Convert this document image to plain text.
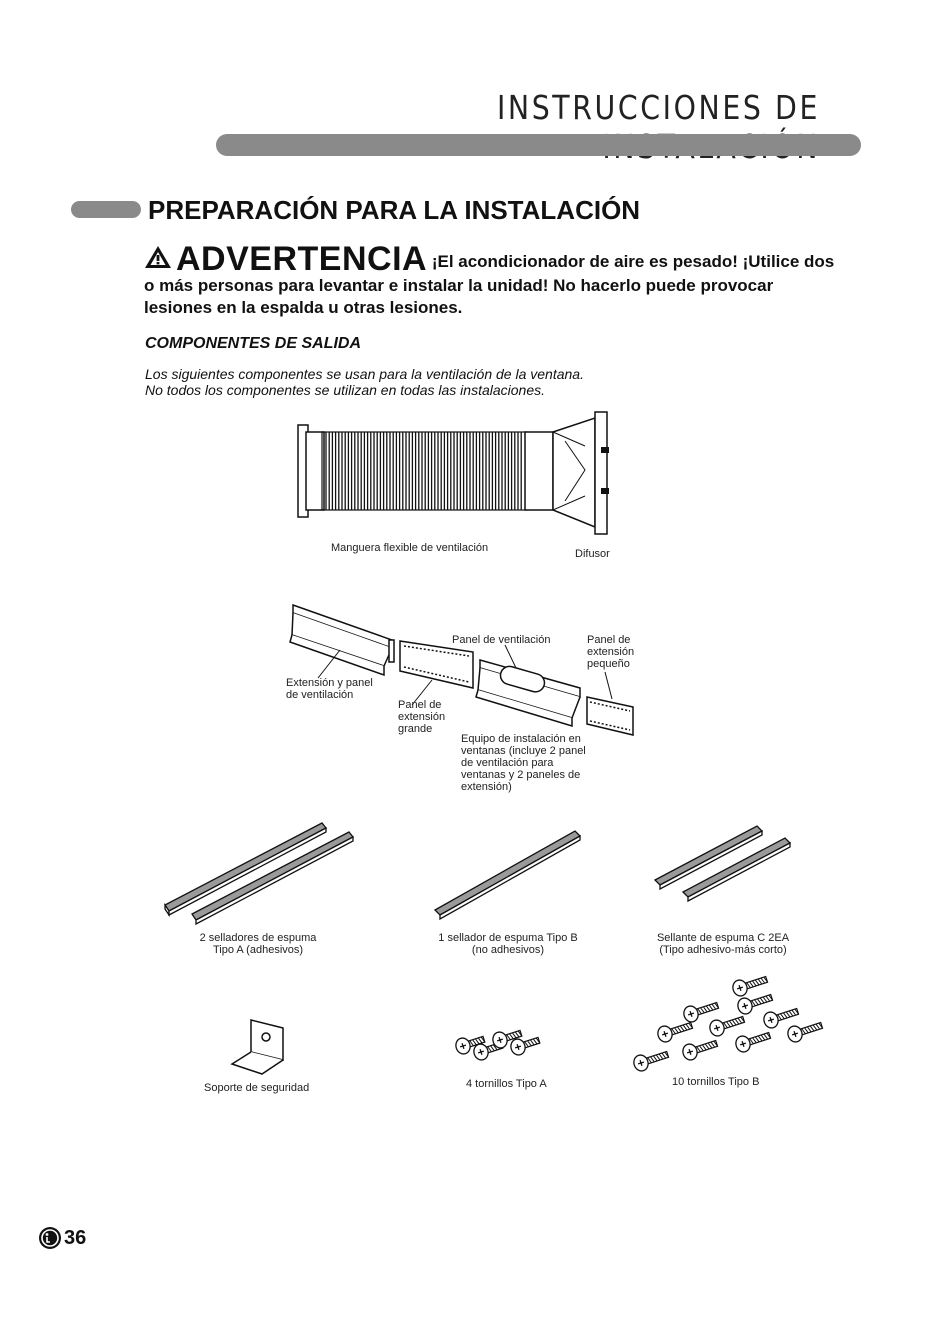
INSTRUCCIONES DE
PREPARACIÓN PARA LA INSTALACIÓN
ADVERTENCIA ¡El acondicionador de aire es pesado! ¡Utilice dos o más personas para levantar e instalar la unidad! No hacerlo puede provocar lesiones en la espalda u otras lesiones.
COMPONENTES DE SALIDA
Los siguientes componentes se usan para la ventilación de la ventana.
No todos los componentes se utilizan en todas las instalaciones.
Manguera flexible de ventilación	Difusor
Panel de ventilación	Panel de
extensión
pequeño
Extensión y panel
de ventilación
Panel de
extensión
grande
Equipo de instalación en
ventanas (incluye 2 panel
de ventilación para
ventanas y 2 paneles de
extensión)
2 selladores de espuma
Tipo A (adhesivos)
1 sellador de espuma Tipo B
(no adhesivos)
Sellante de espuma C 2EA
(Tipo adhesivo-más corto)
Soporte de seguridad	4 tornillos Tipo A	10 tornillos Tipo B
36
